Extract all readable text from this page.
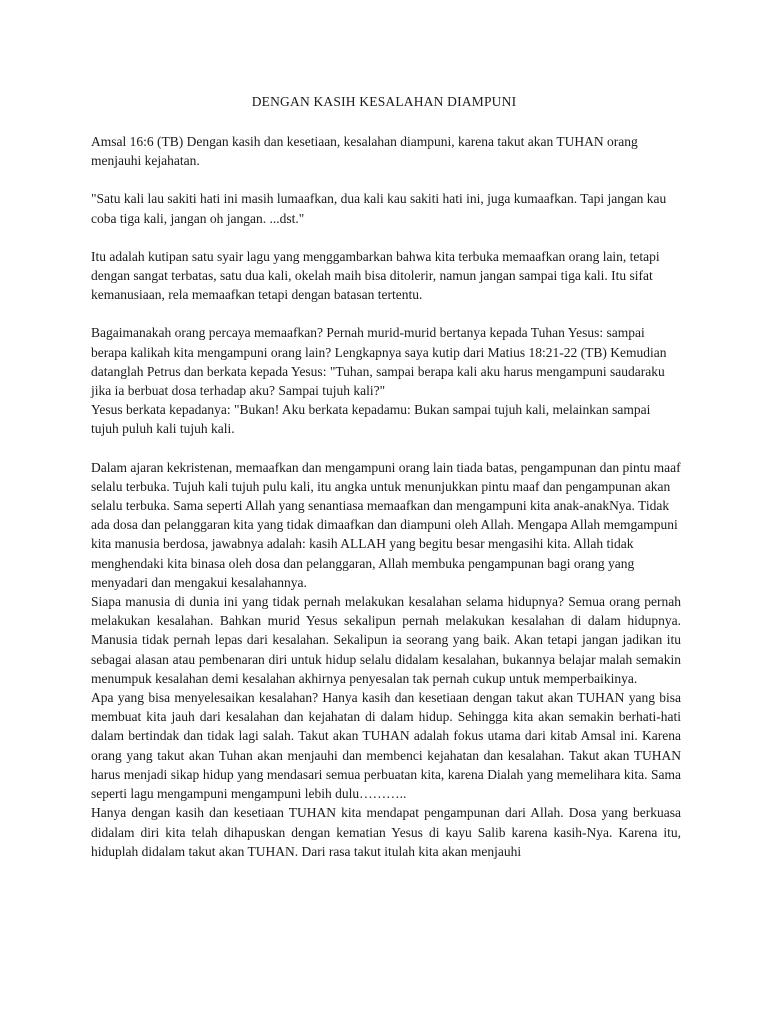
DENGAN KASIH KESALAHAN DIAMPUNI

Amsal 16:6 (TB) Dengan kasih dan kesetiaan, kesalahan diampuni, karena takut akan TUHAN orang menjauhi kejahatan.

"Satu kali lau sakiti hati ini masih lumaafkan, dua kali kau sakiti hati ini, juga kumaafkan. Tapi jangan kau coba tiga kali, jangan oh jangan. ...dst."

Itu adalah kutipan satu syair lagu yang menggambarkan bahwa kita terbuka memaafkan orang lain, tetapi dengan sangat terbatas, satu dua kali, okelah maih bisa ditolerir, namun jangan sampai tiga kali. Itu sifat kemanusiaan, rela memaafkan tetapi dengan batasan tertentu.

Bagaimanakah orang percaya memaafkan? Pernah murid-murid bertanya kepada Tuhan Yesus: sampai berapa kalikah kita mengampuni orang lain? Lengkapnya saya kutip dari Matius 18:21-22 (TB) Kemudian datanglah Petrus dan berkata kepada Yesus: "Tuhan, sampai berapa kali aku harus mengampuni saudaraku jika ia berbuat dosa terhadap aku? Sampai tujuh kali?"

Yesus berkata kepadanya: "Bukan! Aku berkata kepadamu: Bukan sampai tujuh kali, melainkan sampai tujuh puluh kali tujuh kali.

Dalam ajaran kekristenan, memaafkan dan mengampuni orang lain tiada batas, pengampunan dan pintu maaf selalu terbuka. Tujuh kali tujuh pulu kali, itu angka untuk menunjukkan pintu maaf dan pengampunan akan selalu terbuka. Sama seperti Allah yang senantiasa memaafkan dan mengampuni kita anak-anakNya. Tidak ada dosa dan pelanggaran kita yang tidak dimaafkan dan diampuni oleh Allah. Mengapa Allah memgampuni kita manusia berdosa, jawabnya adalah: kasih ALLAH yang begitu besar mengasihi kita. Allah tidak menghendaki kita binasa oleh dosa dan pelanggaran, Allah membuka pengampunan bagi orang yang menyadari dan mengakui kesalahannya.

Siapa manusia di dunia ini yang tidak pernah melakukan kesalahan selama hidupnya? Semua orang pernah melakukan kesalahan. Bahkan murid Yesus sekalipun pernah melakukan kesalahan di dalam hidupnya. Manusia tidak pernah lepas dari kesalahan. Sekalipun ia seorang yang baik. Akan tetapi jangan jadikan itu sebagai alasan atau pembenaran diri untuk hidup selalu didalam kesalahan, bukannya belajar malah semakin menumpuk kesalahan demi kesalahan akhirnya penyesalan tak pernah cukup untuk memperbaikinya.

Apa yang bisa menyelesaikan kesalahan? Hanya kasih dan kesetiaan dengan takut akan TUHAN yang bisa membuat kita jauh dari kesalahan dan kejahatan di dalam hidup. Sehingga kita akan semakin berhati-hati dalam bertindak dan tidak lagi salah. Takut akan TUHAN adalah fokus utama dari kitab Amsal ini. Karena orang yang takut akan Tuhan akan menjauhi dan membenci kejahatan dan kesalahan. Takut akan TUHAN harus menjadi sikap hidup yang mendasari semua perbuatan kita, karena Dialah yang memelihara kita. Sama seperti lagu mengampuni mengampuni lebih dulu………..

Hanya dengan kasih dan kesetiaan TUHAN kita mendapat pengampunan dari Allah. Dosa yang berkuasa didalam diri kita telah dihapuskan dengan kematian Yesus di kayu Salib karena kasih-Nya. Karena itu, hiduplah didalam takut akan TUHAN. Dari rasa takut itulah kita akan menjauhi
